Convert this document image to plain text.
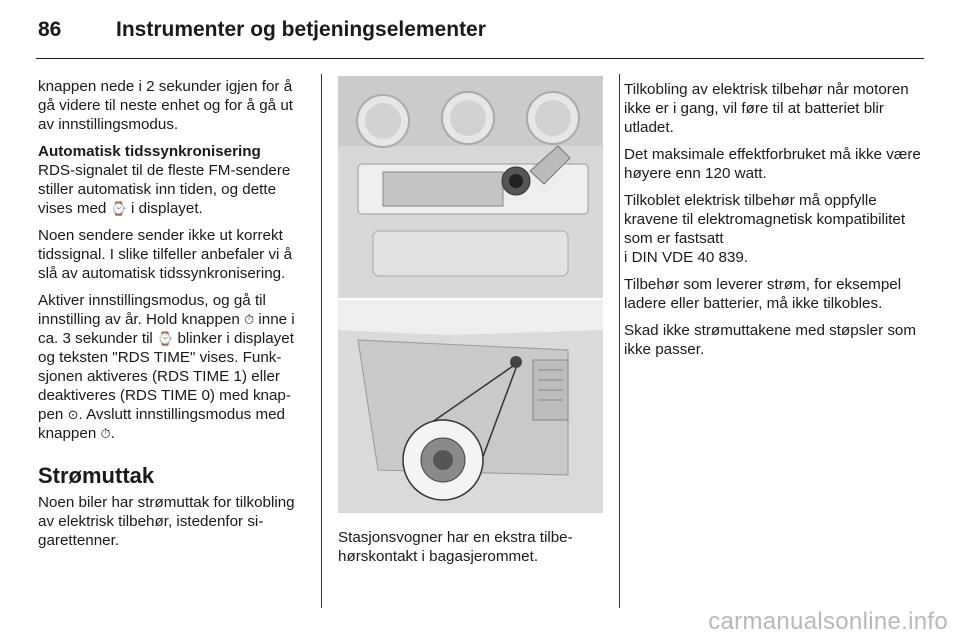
86	Instrumenter og betjeningselementer

knappen nede i 2 sekunder igjen for å gå videre til neste enhet og for å gå ut av innstillingsmodus.

Automatisk tidssynkronisering
RDS-signalet til de fleste FM-sendere stiller automatisk inn tiden, og dette vises med ⌚ i displayet.

Noen sendere sender ikke ut korrekt tidssignal. I slike tilfeller anbefaler vi å slå av automatisk tidssynkronisering.

Aktiver innstillingsmodus, og gå til innstilling av år. Hold knappen ⏱ inne i ca. 3 sekunder til ⌚ blinker i displayet og teksten "RDS TIME" vises. Funksjonen aktiveres (RDS TIME 1) eller deaktiveres (RDS TIME 0) med knappen ⊙. Avslutt innstillingsmodus med knappen ⏱.

Strømuttak

Noen biler har strømuttak for tilkobling av elektrisk tilbehør, istedenfor sigarettenner.	Stasjonsvogner har en ekstra tilbehørskontakt i bagasjerommet.

Tilkobling av elektrisk tilbehør når motoren ikke er i gang, vil føre til at batteriet blir utladet.

Det maksimale effektforbruket må ikke være høyere enn 120 watt.

Tilkoblet elektrisk tilbehør må oppfylle kravene til elektromagnetisk kompatibilitet som er fastsatt
i DIN VDE 40 839.

Tilbehør som leverer strøm, for eksempel ladere eller batterier, må ikke tilkobles.

Skad ikke strømuttakene med støpsler som ikke passer.

carmanualsonline.info
